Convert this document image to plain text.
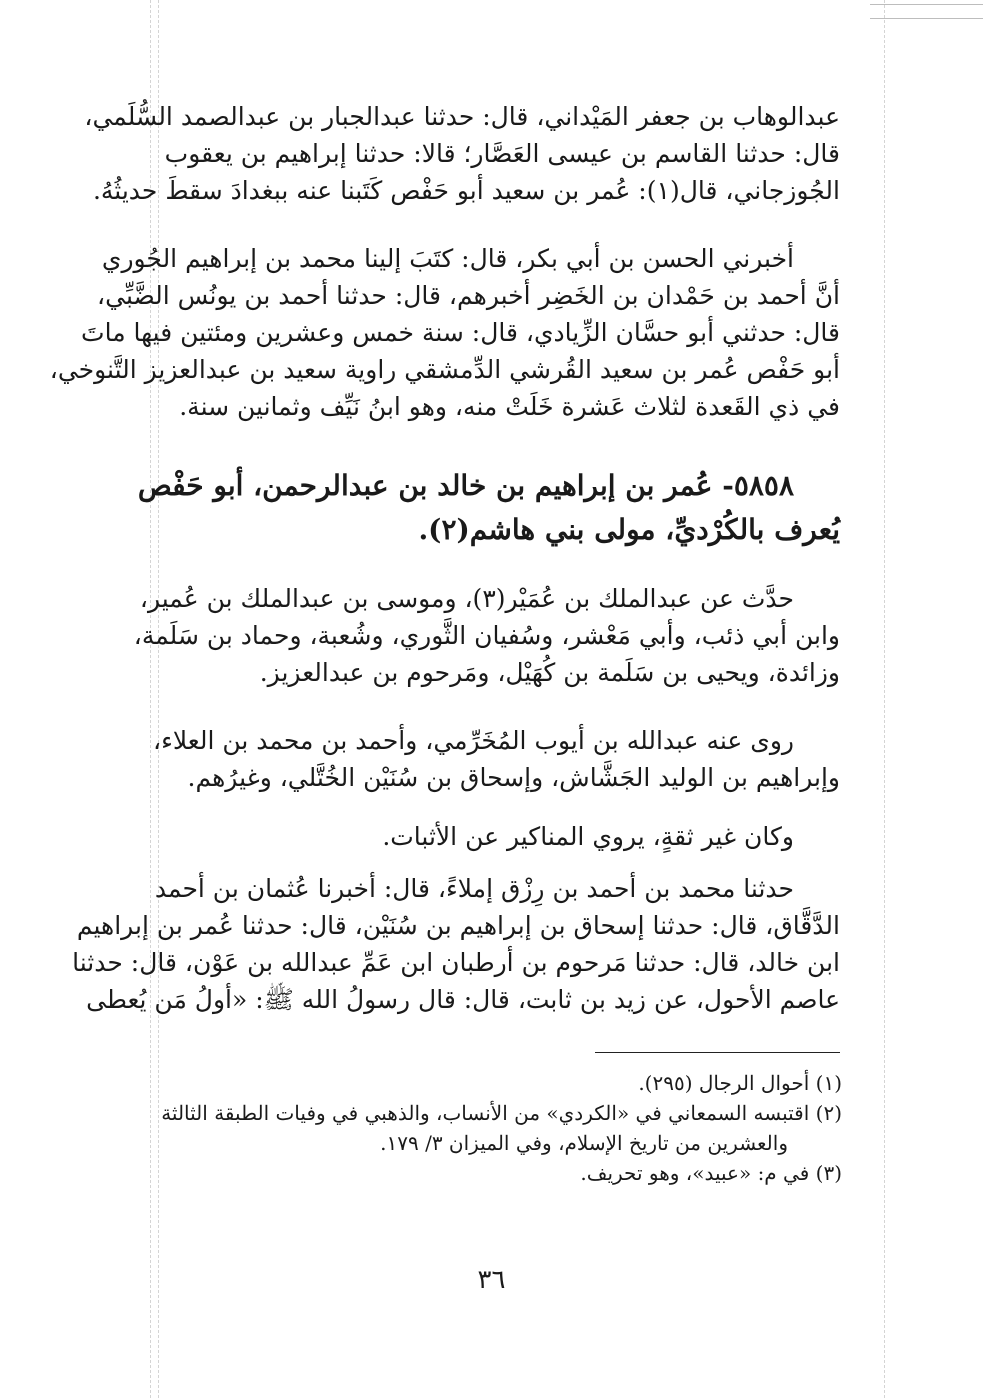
عبدالوهاب بن جعفر المَيْداني، قال: حدثنا عبدالجبار بن عبدالصمد السُّلَمي،
قال: حدثنا القاسم بن عيسى العَصَّار؛ قالا: حدثنا إبراهيم بن يعقوب
الجُوزجاني، قال(١): عُمر بن سعيد أبو حَفْص كَتَبنا عنه ببغدادَ سقطَ حديثُهُ.
أخبرني الحسن بن أبي بكر، قال: كتَبَ إلينا محمد بن إبراهيم الجُوري
أنَّ أحمد بن حَمْدان بن الخَضِر أخبرهم، قال: حدثنا أحمد بن يونُس الضَّبِّي،
قال: حدثني أبو حسَّان الزِّيادي، قال: سنة خمس وعشرين ومئتين فيها ماتَ
أبو حَفْص عُمر بن سعيد القُرشي الدِّمشقي راوية سعيد بن عبدالعزيز التَّنوخي،
في ذي القَعدة لثلاث عَشرة خَلَتْ منه، وهو ابنُ نَيِّف وثمانين سنة.
٥٨٥٨- عُمر بن إبراهيم بن خالد بن عبدالرحمن، أبو حَفْص
يُعرف بالكُرْديِّ، مولى بني هاشم(٢).
حدَّث عن عبدالملك بن عُمَيْر(٣)، وموسى بن عبدالملك بن عُمير،
وابن أبي ذئب، وأبي مَعْشر، وسُفيان الثَّوري، وشُعبة، وحماد بن سَلَمة،
وزائدة، ويحيى بن سَلَمة بن كُهَيْل، ومَرحوم بن عبدالعزيز.
روى عنه عبدالله بن أيوب المُخَرِّمي، وأحمد بن محمد بن العلاء،
وإبراهيم بن الوليد الجَشَّاش، وإسحاق بن سُنَيْن الخُتَّلي، وغيرُهم.
وكان غير ثقةٍ، يروي المناكير عن الأثبات.
حدثنا محمد بن أحمد بن رِزْق إملاءً، قال: أخبرنا عُثمان بن أحمد
الدَّقَّاق، قال: حدثنا إسحاق بن إبراهيم بن سُنَيْن، قال: حدثنا عُمر بن إبراهيم
ابن خالد، قال: حدثنا مَرحوم بن أرطبان ابن عَمِّ عبدالله بن عَوْن، قال: حدثنا
عاصم الأحول، عن زيد بن ثابت، قال: قال رسولُ الله ﷺ: «أولُ مَن يُعطى
(١) أحوال الرجال (٢٩٥).
(٢) اقتبسه السمعاني في «الكردي» من الأنساب، والذهبي في وفيات الطبقة الثالثة
والعشرين من تاريخ الإسلام، وفي الميزان ٣/ ١٧٩.
(٣) في م: «عبيد»، وهو تحريف.
٣٦
